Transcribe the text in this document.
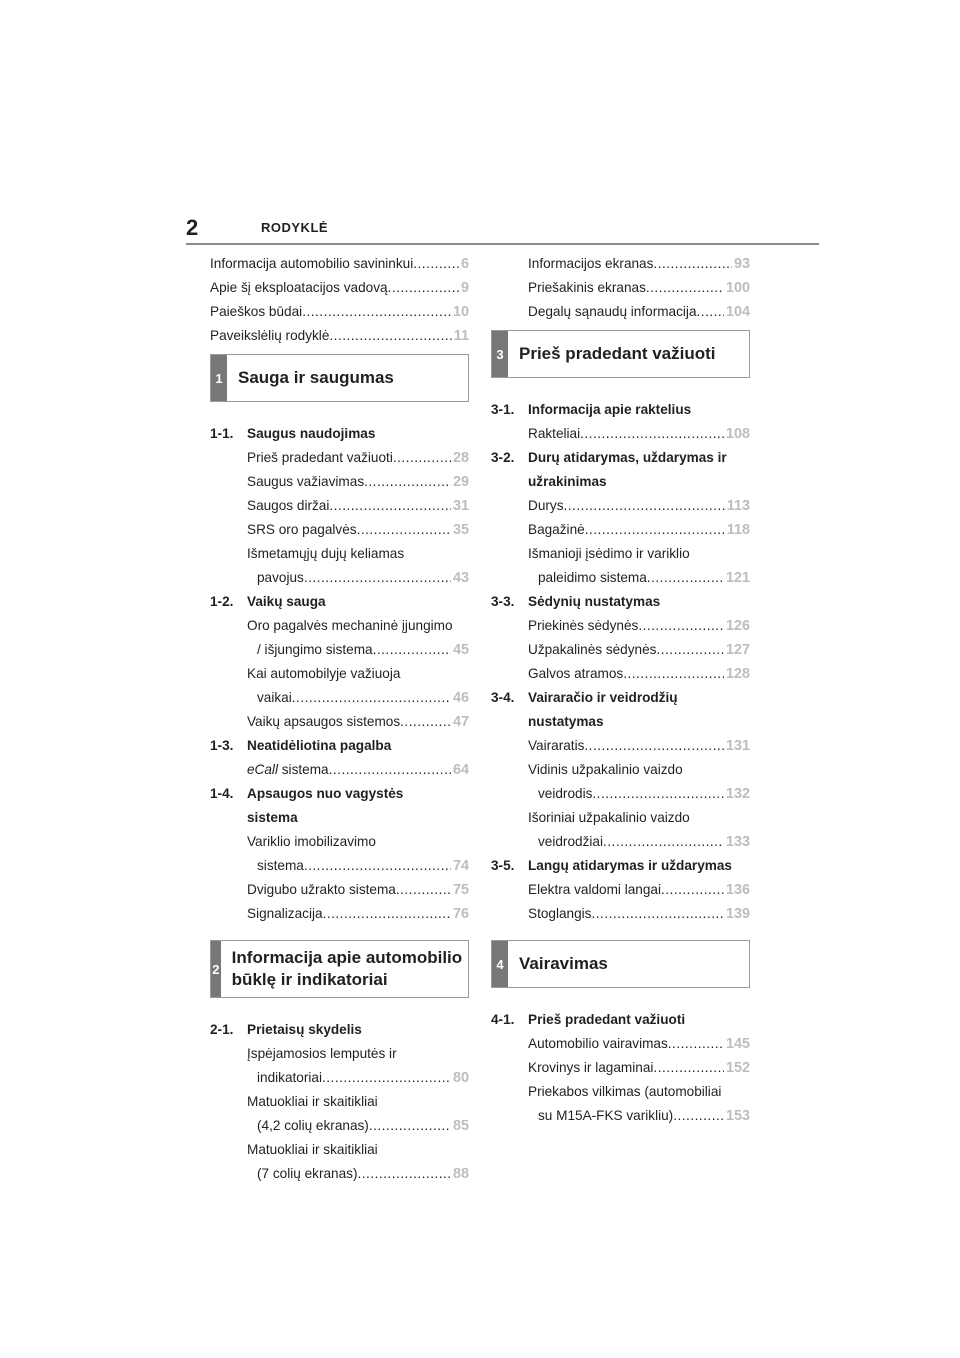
2	RODYKLĖ
Informacija automobilio savininkui .....	6
Apie šį eksploatacijos vadovą .....	9
Paieškos būdai .....	10
Paveikslėlių rodyklė .....	11
1 Sauga ir saugumas
1-1. Saugus naudojimas
Prieš pradedant važiuoti .....	28
Saugus važiavimas .....	29
Saugos diržai .....	31
SRS oro pagalvės .....	35
Išmetamųjų dujų keliamas
pavojus .....	43
1-2. Vaikų sauga
Oro pagalvės mechaninė įjungimo
/ išjungimo sistema .....	45
Kai automobilyje važiuoja
vaikai .....	46
Vaikų apsaugos sistemos .....	47
1-3. Neatidėliotina pagalba
eCall sistema .....	64
1-4. Apsaugos nuo vagystės
sistema
Variklio imobilizavimo
sistema .....	74
Dvigubo užrakto sistema .....	75
Signalizacija .....	76
2
Informacija apie automobilio būklę ir indikatoriai
2-1. Prietaisų skydelis
Įspėjamosios lemputės ir
indikatoriai .....	80
Matuokliai ir skaitikliai
(4,2 colių ekranas) .....	85
Matuokliai ir skaitikliai
(7 colių ekranas) .....	88
Informacijos ekranas .....	93
Priešakinis ekranas .....	100
Degalų sąnaudų informacija ..... 104
3 Prieš pradedant važiuoti
3-1. Informacija apie raktelius
Rakteliai .....	108
3-2. Durų atidarymas, uždarymas ir
užrakinimas
Durys .....	113
Bagažinė .....	118
Išmanioji įsėdimo ir variklio
paleidimo sistema .....	121
3-3. Sėdynių nustatymas
Priekinės sėdynės .....	126
Užpakalinės sėdynės .....	127
Galvos atramos .....	128
3-4. Vairaračio ir veidrodžių
nustatymas
Vairaratis .....	131
Vidinis užpakalinio vaizdo
veidrodis .....	132
Išoriniai užpakalinio vaizdo
veidrodžiai .....	133
3-5. Langų atidarymas ir uždarymas
Elektra valdomi langai .....	136
Stoglangis .....	139
4 Vairavimas
4-1. Prieš pradedant važiuoti
Automobilio vairavimas .....	145
Krovinys ir lagaminai .....	152
Priekabos vilkimas (automobiliai
su M15A-FKS varikliu) .....	153
